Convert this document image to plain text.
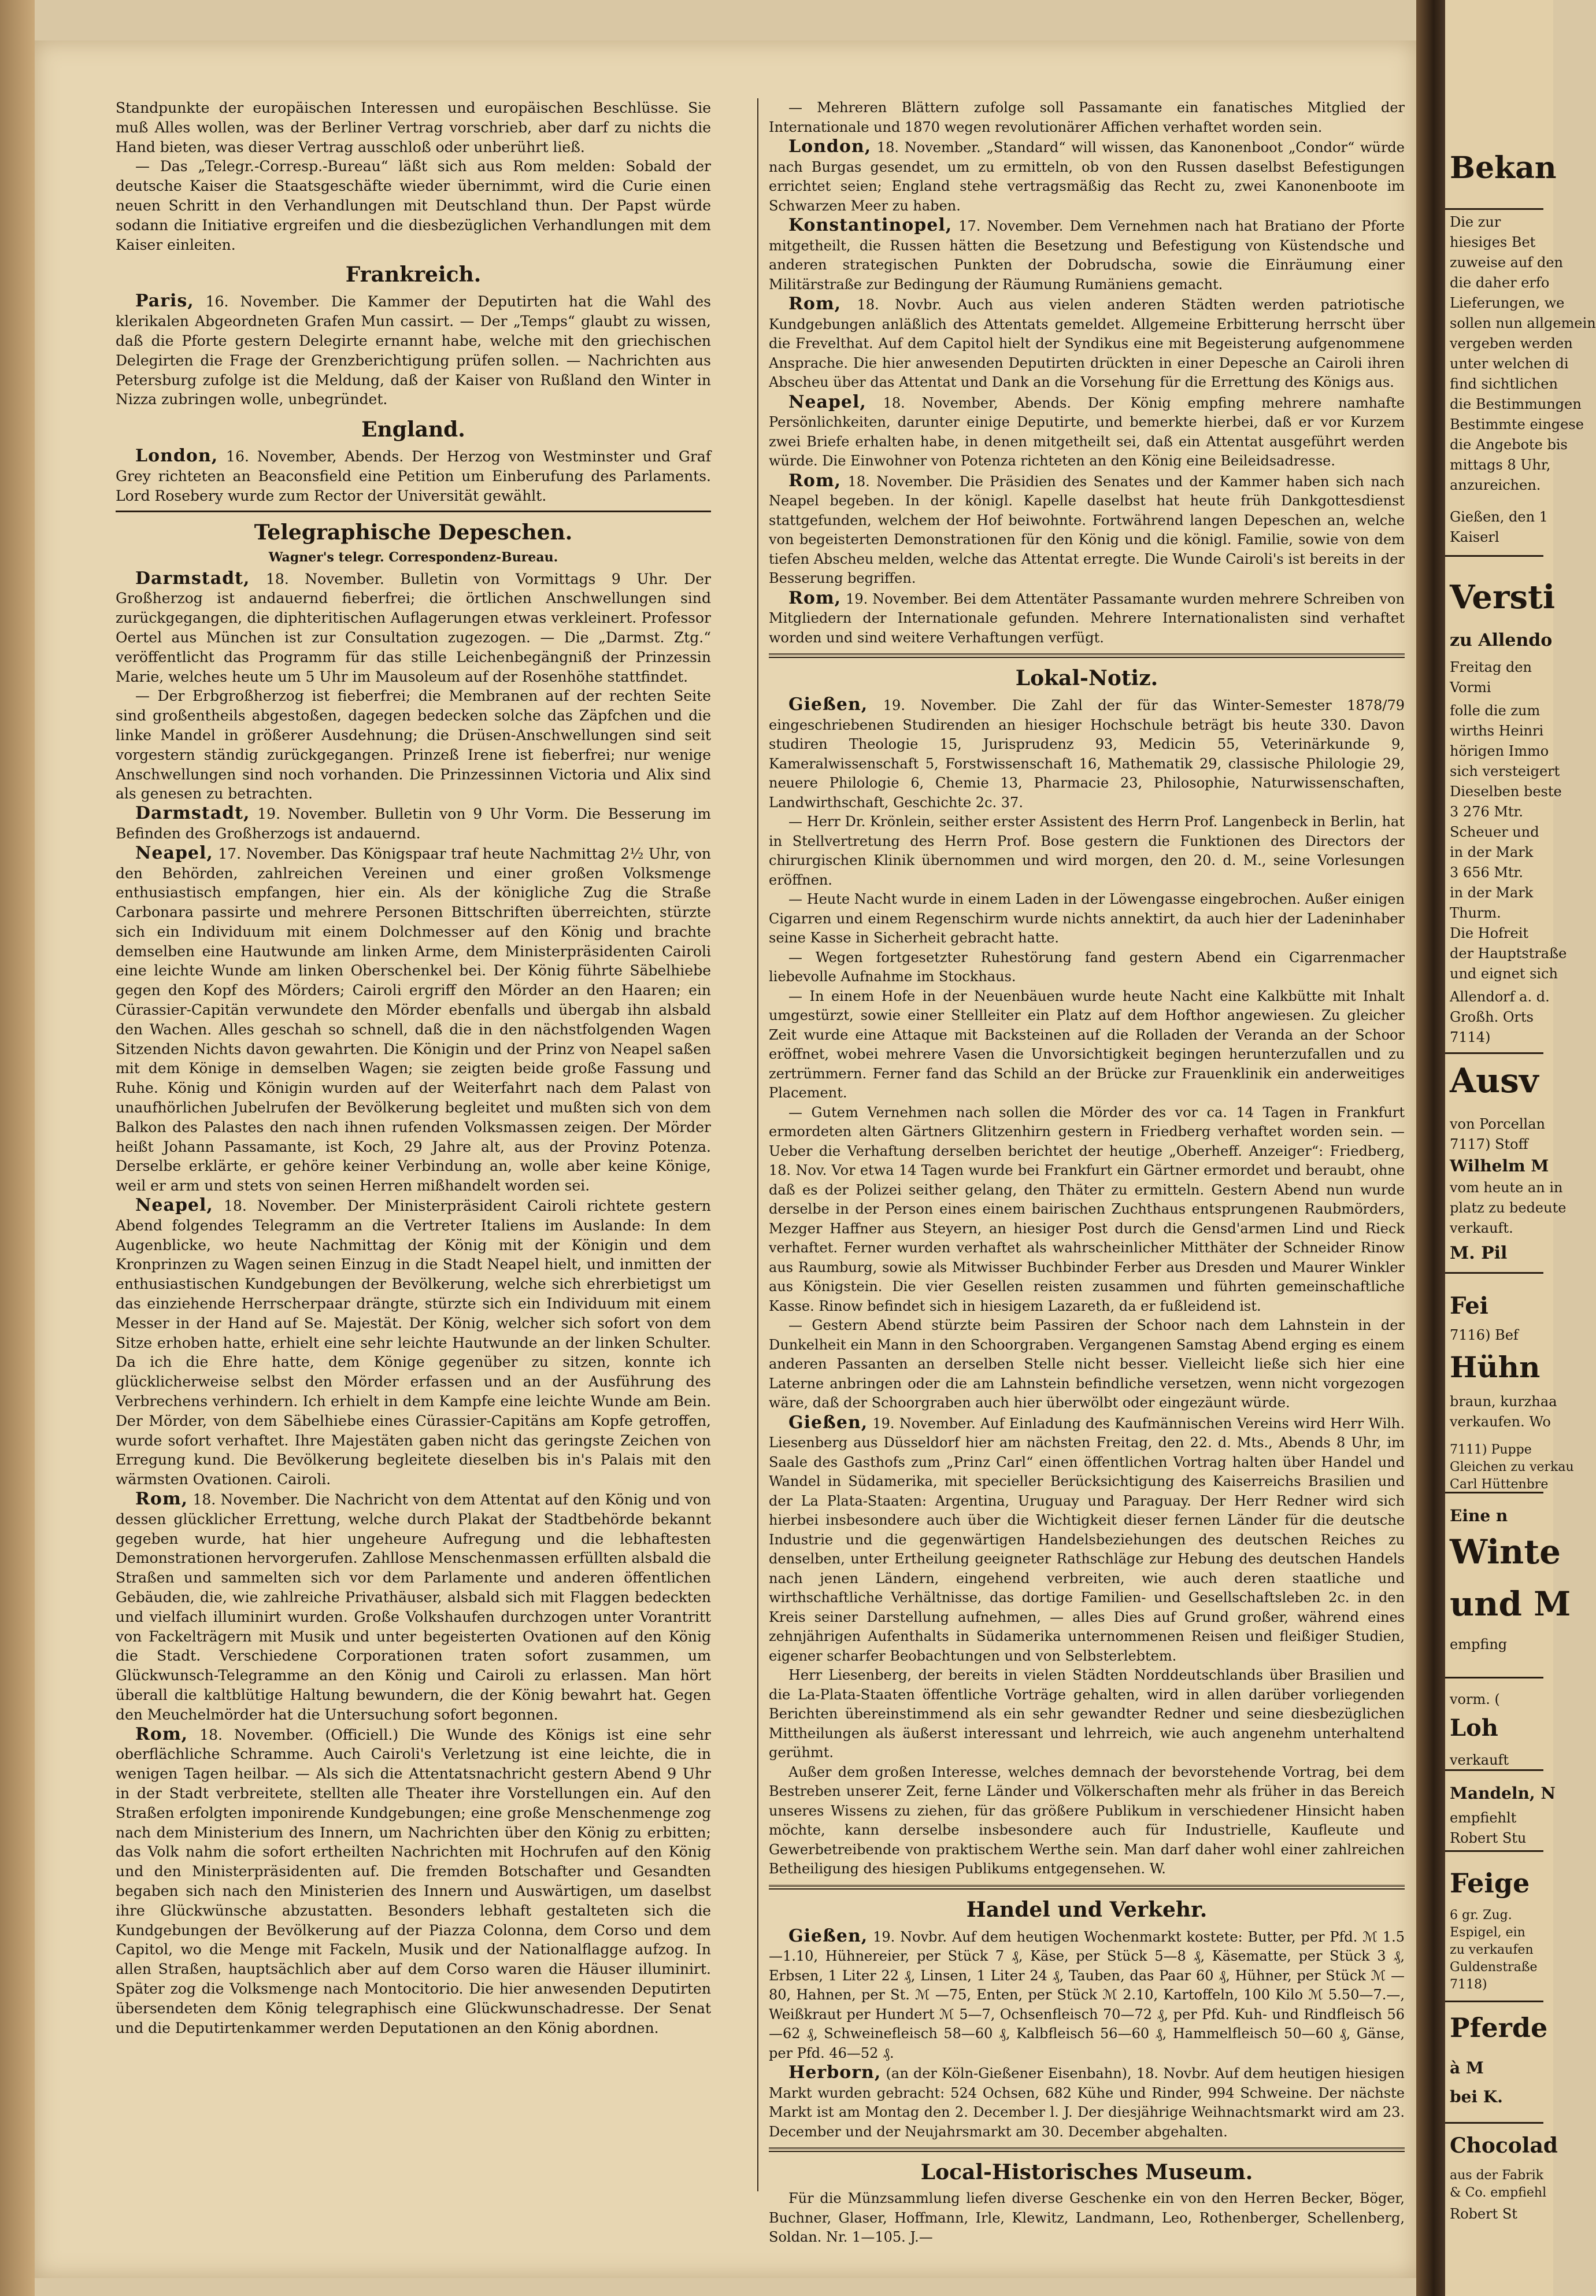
Standpunkte der europäischen Interessen und europäischen Beschlüsse. Sie muß Alles wollen, was der Berliner Vertrag vorschrieb, aber darf zu nichts die Hand bieten, was dieser Vertrag ausschloß oder unberührt ließ.

— Das „Telegr.-Corresp.-Bureau“ läßt sich aus Rom melden: Sobald der deutsche Kaiser die Staatsgeschäfte wieder übernimmt, wird die Curie einen neuen Schritt in den Verhandlungen mit Deutschland thun. Der Papst würde sodann die Initiative ergreifen und die diesbezüglichen Verhandlungen mit dem Kaiser einleiten.

Frankreich.

Paris, 16. November. Die Kammer der Deputirten hat die Wahl des klerikalen Abgeordneten Grafen Mun cassirt. — Der „Temps“ glaubt zu wissen, daß die Pforte gestern Delegirte ernannt habe, welche mit den griechischen Delegirten die Frage der Grenzberichtigung prüfen sollen. — Nachrichten aus Petersburg zufolge ist die Meldung, daß der Kaiser von Rußland den Winter in Nizza zubringen wolle, unbegründet.

England.

London, 16. November, Abends. Der Herzog von Westminster und Graf Grey richteten an Beaconsfield eine Petition um Einberufung des Parlaments. Lord Rosebery wurde zum Rector der Universität gewählt.

Telegraphische Depeschen.
Wagner's telegr. Correspondenz-Bureau.

Darmstadt, 18. November. Bulletin von Vormittags 9 Uhr. Der Großherzog ist andauernd fieberfrei; die örtlichen Anschwellungen sind zurückgegangen, die diphteritischen Auflagerungen etwas verkleinert. Professor Oertel aus München ist zur Consultation zugezogen. — Die „Darmst. Ztg.“ veröffentlicht das Programm für das stille Leichenbegängniß der Prinzessin Marie, welches heute um 5 Uhr im Mausoleum auf der Rosenhöhe stattfindet.

— Der Erbgroßherzog ist fieberfrei; die Membranen auf der rechten Seite sind großentheils abgestoßen, dagegen bedecken solche das Zäpfchen und die linke Mandel in größerer Ausdehnung; die Drüsen-Anschwellungen sind seit vorgestern ständig zurückgegangen. Prinzeß Irene ist fieberfrei; nur wenige Anschwellungen sind noch vorhanden. Die Prinzessinnen Victoria und Alix sind als genesen zu betrachten.

Darmstadt, 19. November. Bulletin von 9 Uhr Vorm. Die Besserung im Befinden des Großherzogs ist andauernd.

Neapel, 17. November. Das Königspaar traf heute Nachmittag 2½ Uhr, von den Behörden, zahlreichen Vereinen und einer großen Volksmenge enthusiastisch empfangen, hier ein. Als der königliche Zug die Straße Carbonara passirte und mehrere Personen Bittschriften überreichten, stürzte sich ein Individuum mit einem Dolchmesser auf den König und brachte demselben eine Hautwunde am linken Arme, dem Ministerpräsidenten Cairoli eine leichte Wunde am linken Oberschenkel bei. Der König führte Säbelhiebe gegen den Kopf des Mörders; Cairoli ergriff den Mörder an den Haaren; ein Cürassier-Capitän verwundete den Mörder ebenfalls und übergab ihn alsbald den Wachen. Alles geschah so schnell, daß die in den nächstfolgenden Wagen Sitzenden Nichts davon gewahrten. Die Königin und der Prinz von Neapel saßen mit dem Könige in demselben Wagen; sie zeigten beide große Fassung und Ruhe. König und Königin wurden auf der Weiterfahrt nach dem Palast von unaufhörlichen Jubelrufen der Bevölkerung begleitet und mußten sich von dem Balkon des Palastes den nach ihnen rufenden Volksmassen zeigen. Der Mörder heißt Johann Passamante, ist Koch, 29 Jahre alt, aus der Provinz Potenza. Derselbe erklärte, er gehöre keiner Verbindung an, wolle aber keine Könige, weil er arm und stets von seinen Herren mißhandelt worden sei.

Neapel, 18. November. Der Ministerpräsident Cairoli richtete gestern Abend folgendes Telegramm an die Vertreter Italiens im Auslande: In dem Augenblicke, wo heute Nachmittag der König mit der Königin und dem Kronprinzen zu Wagen seinen Einzug in die Stadt Neapel hielt, und inmitten der enthusiastischen Kundgebungen der Bevölkerung, welche sich ehrerbietigst um das einziehende Herrscherpaar drängte, stürzte sich ein Individuum mit einem Messer in der Hand auf Se. Majestät. Der König, welcher sich sofort von dem Sitze erhoben hatte, erhielt eine sehr leichte Hautwunde an der linken Schulter. Da ich die Ehre hatte, dem Könige gegenüber zu sitzen, konnte ich glücklicherweise selbst den Mörder erfassen und an der Ausführung des Verbrechens verhindern. Ich erhielt in dem Kampfe eine leichte Wunde am Bein. Der Mörder, von dem Säbelhiebe eines Cürassier-Capitäns am Kopfe getroffen, wurde sofort verhaftet. Ihre Majestäten gaben nicht das geringste Zeichen von Erregung kund. Die Bevölkerung begleitete dieselben bis in's Palais mit den wärmsten Ovationen. Cairoli.

Rom, 18. November. Die Nachricht von dem Attentat auf den König und von dessen glücklicher Errettung, welche durch Plakat der Stadtbehörde bekannt gegeben wurde, hat hier ungeheure Aufregung und die lebhaftesten Demonstrationen hervorgerufen. Zahllose Menschenmassen erfüllten alsbald die Straßen und sammelten sich vor dem Parlamente und anderen öffentlichen Gebäuden, die, wie zahlreiche Privathäuser, alsbald sich mit Flaggen bedeckten und vielfach illuminirt wurden. Große Volkshaufen durchzogen unter Vorantritt von Fackelträgern mit Musik und unter begeisterten Ovationen auf den König die Stadt. Verschiedene Corporationen traten sofort zusammen, um Glückwunsch-Telegramme an den König und Cairoli zu erlassen. Man hört überall die kaltblütige Haltung bewundern, die der König bewahrt hat. Gegen den Meuchelmörder hat die Untersuchung sofort begonnen.

Rom, 18. November. (Officiell.) Die Wunde des Königs ist eine sehr oberflächliche Schramme. Auch Cairoli's Verletzung ist eine leichte, die in wenigen Tagen heilbar. — Als sich die Attentatsnachricht gestern Abend 9 Uhr in der Stadt verbreitete, stellten alle Theater ihre Vorstellungen ein. Auf den Straßen erfolgten imponirende Kundgebungen; eine große Menschenmenge zog nach dem Ministerium des Innern, um Nachrichten über den König zu erbitten; das Volk nahm die sofort ertheilten Nachrichten mit Hochrufen auf den König und den Ministerpräsidenten auf. Die fremden Botschafter und Gesandten begaben sich nach den Ministerien des Innern und Auswärtigen, um daselbst ihre Glückwünsche abzustatten. Besonders lebhaft gestalteten sich die Kundgebungen der Bevölkerung auf der Piazza Colonna, dem Corso und dem Capitol, wo die Menge mit Fackeln, Musik und der Nationalflagge aufzog. In allen Straßen, hauptsächlich aber auf dem Corso waren die Häuser illuminirt. Später zog die Volksmenge nach Montocitorio. Die hier anwesenden Deputirten übersendeten dem König telegraphisch eine Glückwunschadresse. Der Senat und die Deputirtenkammer werden Deputationen an den König abordnen.

— Mehreren Blättern zufolge soll Passamante ein fanatisches Mitglied der Internationale und 1870 wegen revolutionärer Affichen verhaftet worden sein.

London, 18. November. „Standard“ will wissen, das Kanonenboot „Condor“ würde nach Burgas gesendet, um zu ermitteln, ob von den Russen daselbst Befestigungen errichtet seien; England stehe vertragsmäßig das Recht zu, zwei Kanonenboote im Schwarzen Meer zu haben.

Konstantinopel, 17. November. Dem Vernehmen nach hat Bratiano der Pforte mitgetheilt, die Russen hätten die Besetzung und Befestigung von Küstendsche und anderen strategischen Punkten der Dobrudscha, sowie die Einräumung einer Militärstraße zur Bedingung der Räumung Rumäniens gemacht.

Rom, 18. Novbr. Auch aus vielen anderen Städten werden patriotische Kundgebungen anläßlich des Attentats gemeldet. Allgemeine Erbitterung herrscht über die Frevelthat. Auf dem Capitol hielt der Syndikus eine mit Begeisterung aufgenommene Ansprache. Die hier anwesenden Deputirten drückten in einer Depesche an Cairoli ihren Abscheu über das Attentat und Dank an die Vorsehung für die Errettung des Königs aus.

Neapel, 18. November, Abends. Der König empfing mehrere namhafte Persönlichkeiten, darunter einige Deputirte, und bemerkte hierbei, daß er vor Kurzem zwei Briefe erhalten habe, in denen mitgetheilt sei, daß ein Attentat ausgeführt werden würde. Die Einwohner von Potenza richteten an den König eine Beileidsadresse.

Rom, 18. November. Die Präsidien des Senates und der Kammer haben sich nach Neapel begeben. In der königl. Kapelle daselbst hat heute früh Dankgottesdienst stattgefunden, welchem der Hof beiwohnte. Fortwährend langen Depeschen an, welche von begeisterten Demonstrationen für den König und die königl. Familie, sowie von dem tiefen Abscheu melden, welche das Attentat erregte. Die Wunde Cairoli's ist bereits in der Besserung begriffen.

Rom, 19. November. Bei dem Attentäter Passamante wurden mehrere Schreiben von Mitgliedern der Internationale gefunden. Mehrere Internationalisten sind verhaftet worden und sind weitere Verhaftungen verfügt.

Lokal-Notiz.

Gießen, 19. November. Die Zahl der für das Winter-Semester 1878/79 eingeschriebenen Studirenden an hiesiger Hochschule beträgt bis heute 330. Davon studiren Theologie 15, Jurisprudenz 93, Medicin 55, Veterinärkunde 9, Kameralwissenschaft 5, Forstwissenschaft 16, Mathematik 29, classische Philologie 29, neuere Philologie 6, Chemie 13, Pharmacie 23, Philosophie, Naturwissenschaften, Landwirthschaft, Geschichte 2c. 37.

— Herr Dr. Krönlein, seither erster Assistent des Herrn Prof. Langenbeck in Berlin, hat in Stellvertretung des Herrn Prof. Bose gestern die Funktionen des Directors der chirurgischen Klinik übernommen und wird morgen, den 20. d. M., seine Vorlesungen eröffnen.

— Heute Nacht wurde in einem Laden in der Löwengasse eingebrochen. Außer einigen Cigarren und einem Regenschirm wurde nichts annektirt, da auch hier der Ladeninhaber seine Kasse in Sicherheit gebracht hatte.

— Wegen fortgesetzter Ruhestörung fand gestern Abend ein Cigarrenmacher liebevolle Aufnahme im Stockhaus.

— In einem Hofe in der Neuenbäuen wurde heute Nacht eine Kalkbütte mit Inhalt umgestürzt, sowie einer Stellleiter ein Platz auf dem Hofthor angewiesen. Zu gleicher Zeit wurde eine Attaque mit Backsteinen auf die Rolladen der Veranda an der Schoor eröffnet, wobei mehrere Vasen die Unvorsichtigkeit begingen herunterzufallen und zu zertrümmern. Ferner fand das Schild an der Brücke zur Frauenklinik ein anderweitiges Placement.

— Gutem Vernehmen nach sollen die Mörder des vor ca. 14 Tagen in Frankfurt ermordeten alten Gärtners Glitzenhirn gestern in Friedberg verhaftet worden sein. — Ueber die Verhaftung derselben berichtet der heutige „Oberheff. Anzeiger“: Friedberg, 18. Nov. Vor etwa 14 Tagen wurde bei Frankfurt ein Gärtner ermordet und beraubt, ohne daß es der Polizei seither gelang, den Thäter zu ermitteln. Gestern Abend nun wurde derselbe in der Person eines einem bairischen Zuchthaus entsprungenen Raubmörders, Mezger Haffner aus Steyern, an hiesiger Post durch die Gensd'armen Lind und Rieck verhaftet. Ferner wurden verhaftet als wahrscheinlicher Mitthäter der Schneider Rinow aus Raumburg, sowie als Mitwisser Buchbinder Ferber aus Dresden und Maurer Winkler aus Königstein. Die vier Gesellen reisten zusammen und führten gemeinschaftliche Kasse. Rinow befindet sich in hiesigem Lazareth, da er fußleidend ist.

— Gestern Abend stürzte beim Passiren der Schoor nach dem Lahnstein in der Dunkelheit ein Mann in den Schoorgraben. Vergangenen Samstag Abend erging es einem anderen Passanten an derselben Stelle nicht besser. Vielleicht ließe sich hier eine Laterne anbringen oder die am Lahnstein befindliche versetzen, wenn nicht vorgezogen wäre, daß der Schoorgraben auch hier überwölbt oder eingezäunt würde.

Gießen, 19. November. Auf Einladung des Kaufmännischen Vereins wird Herr Wilh. Liesenberg aus Düsseldorf hier am nächsten Freitag, den 22. d. Mts., Abends 8 Uhr, im Saale des Gasthofs zum „Prinz Carl“ einen öffentlichen Vortrag halten über Handel und Wandel in Südamerika, mit specieller Berücksichtigung des Kaiserreichs Brasilien und der La Plata-Staaten: Argentina, Uruguay und Paraguay. Der Herr Redner wird sich hierbei insbesondere auch über die Wichtigkeit dieser fernen Länder für die deutsche Industrie und die gegenwärtigen Handelsbeziehungen des deutschen Reiches zu denselben, unter Ertheilung geeigneter Rathschläge zur Hebung des deutschen Handels nach jenen Ländern, eingehend verbreiten, wie auch deren staatliche und wirthschaftliche Verhältnisse, das dortige Familien- und Gesellschaftsleben 2c. in den Kreis seiner Darstellung aufnehmen, — alles Dies auf Grund großer, während eines zehnjährigen Aufenthalts in Südamerika unternommenen Reisen und fleißiger Studien, eigener scharfer Beobachtungen und von Selbsterlebtem.

Herr Liesenberg, der bereits in vielen Städten Norddeutschlands über Brasilien und die La-Plata-Staaten öffentliche Vorträge gehalten, wird in allen darüber vorliegenden Berichten übereinstimmend als ein sehr gewandter Redner und seine diesbezüglichen Mittheilungen als äußerst interessant und lehrreich, wie auch angenehm unterhaltend gerühmt.

Außer dem großen Interesse, welches demnach der bevorstehende Vortrag, bei dem Bestreben unserer Zeit, ferne Länder und Völkerschaften mehr als früher in das Bereich unseres Wissens zu ziehen, für das größere Publikum in verschiedener Hinsicht haben möchte, kann derselbe insbesondere auch für Industrielle, Kaufleute und Gewerbetreibende von praktischem Werthe sein. Man darf daher wohl einer zahlreichen Betheiligung des hiesigen Publikums entgegensehen. W.

Handel und Verkehr.

Gießen, 19. Novbr. Auf dem heutigen Wochenmarkt kostete: Butter, per Pfd. ℳ 1.5—1.10, Hühnereier, per Stück 7 ₰, Käse, per Stück 5—8 ₰, Käsematte, per Stück 3 ₰, Erbsen, 1 Liter 22 ₰, Linsen, 1 Liter 24 ₰, Tauben, das Paar 60 ₰, Hühner, per Stück ℳ —80, Hahnen, per St. ℳ —75, Enten, per Stück ℳ 2.10, Kartoffeln, 100 Kilo ℳ 5.50—7.—, Weißkraut per Hundert ℳ 5—7, Ochsenfleisch 70—72 ₰, per Pfd. Kuh- und Rindfleisch 56—62 ₰, Schweinefleisch 58—60 ₰, Kalbfleisch 56—60 ₰, Hammelfleisch 50—60 ₰, Gänse, per Pfd. 46—52 ₰.

Herborn, (an der Köln-Gießener Eisenbahn), 18. Novbr. Auf dem heutigen hiesigen Markt wurden gebracht: 524 Ochsen, 682 Kühe und Rinder, 994 Schweine. Der nächste Markt ist am Montag den 2. December l. J. Der diesjährige Weihnachtsmarkt wird am 23. December und der Neujahrsmarkt am 30. December abgehalten.

Local-Historisches Museum.

Für die Münzsammlung liefen diverse Geschenke ein von den Herren Becker, Böger, Buchner, Glaser, Hoffmann, Irle, Klewitz, Landmann, Leo, Rothenberger, Schellenberg, Soldan. Nr. 1—105. J.—

Bekan
Die zur
hiesiges Bet
zuweise auf den
die daher erfo
Lieferungen, we
sollen nun allgemein
vergeben werden
unter welchen di
find sichtlichen
die Bestimmungen
Bestimmte eingese
die Angebote bis
mittags 8 Uhr,
anzureichen.
Gießen, den 1
Kaiserl
Versti
zu Allendo
Freitag den
Vormi
folle die zum
wirths Heinri
hörigen Immo
sich versteigert
Dieselben beste
3 276 Mtr.
Scheuer und
in der Mark
3 656 Mtr.
in der Mark
Thurm.
Die Hofreit
der Hauptstraße
und eignet sich
Allendorf a. d.
Großh. Orts
7114)
Ausv
von Porcellan
7117) Stoff
Wilhelm M
vom heute an in
platz zu bedeute
verkauft.
M. Pil
Fei
7116) Bef
Hühn
braun, kurzhaa
verkaufen. Wo
7111) Puppe
Gleichen zu verkau
Carl Hüttenbre
Eine n
Winte
und M
empfing
vorm. (
Loh
verkauft
Mandeln, N
empfiehlt
Robert Stu
Feige
6 gr. Zug.
Espigel, ein
zu verkaufen
Guldenstraße
7118)
Pferde
à M
bei K.
Chocolad
aus der Fabrik
& Co. empfiehl
Robert St
